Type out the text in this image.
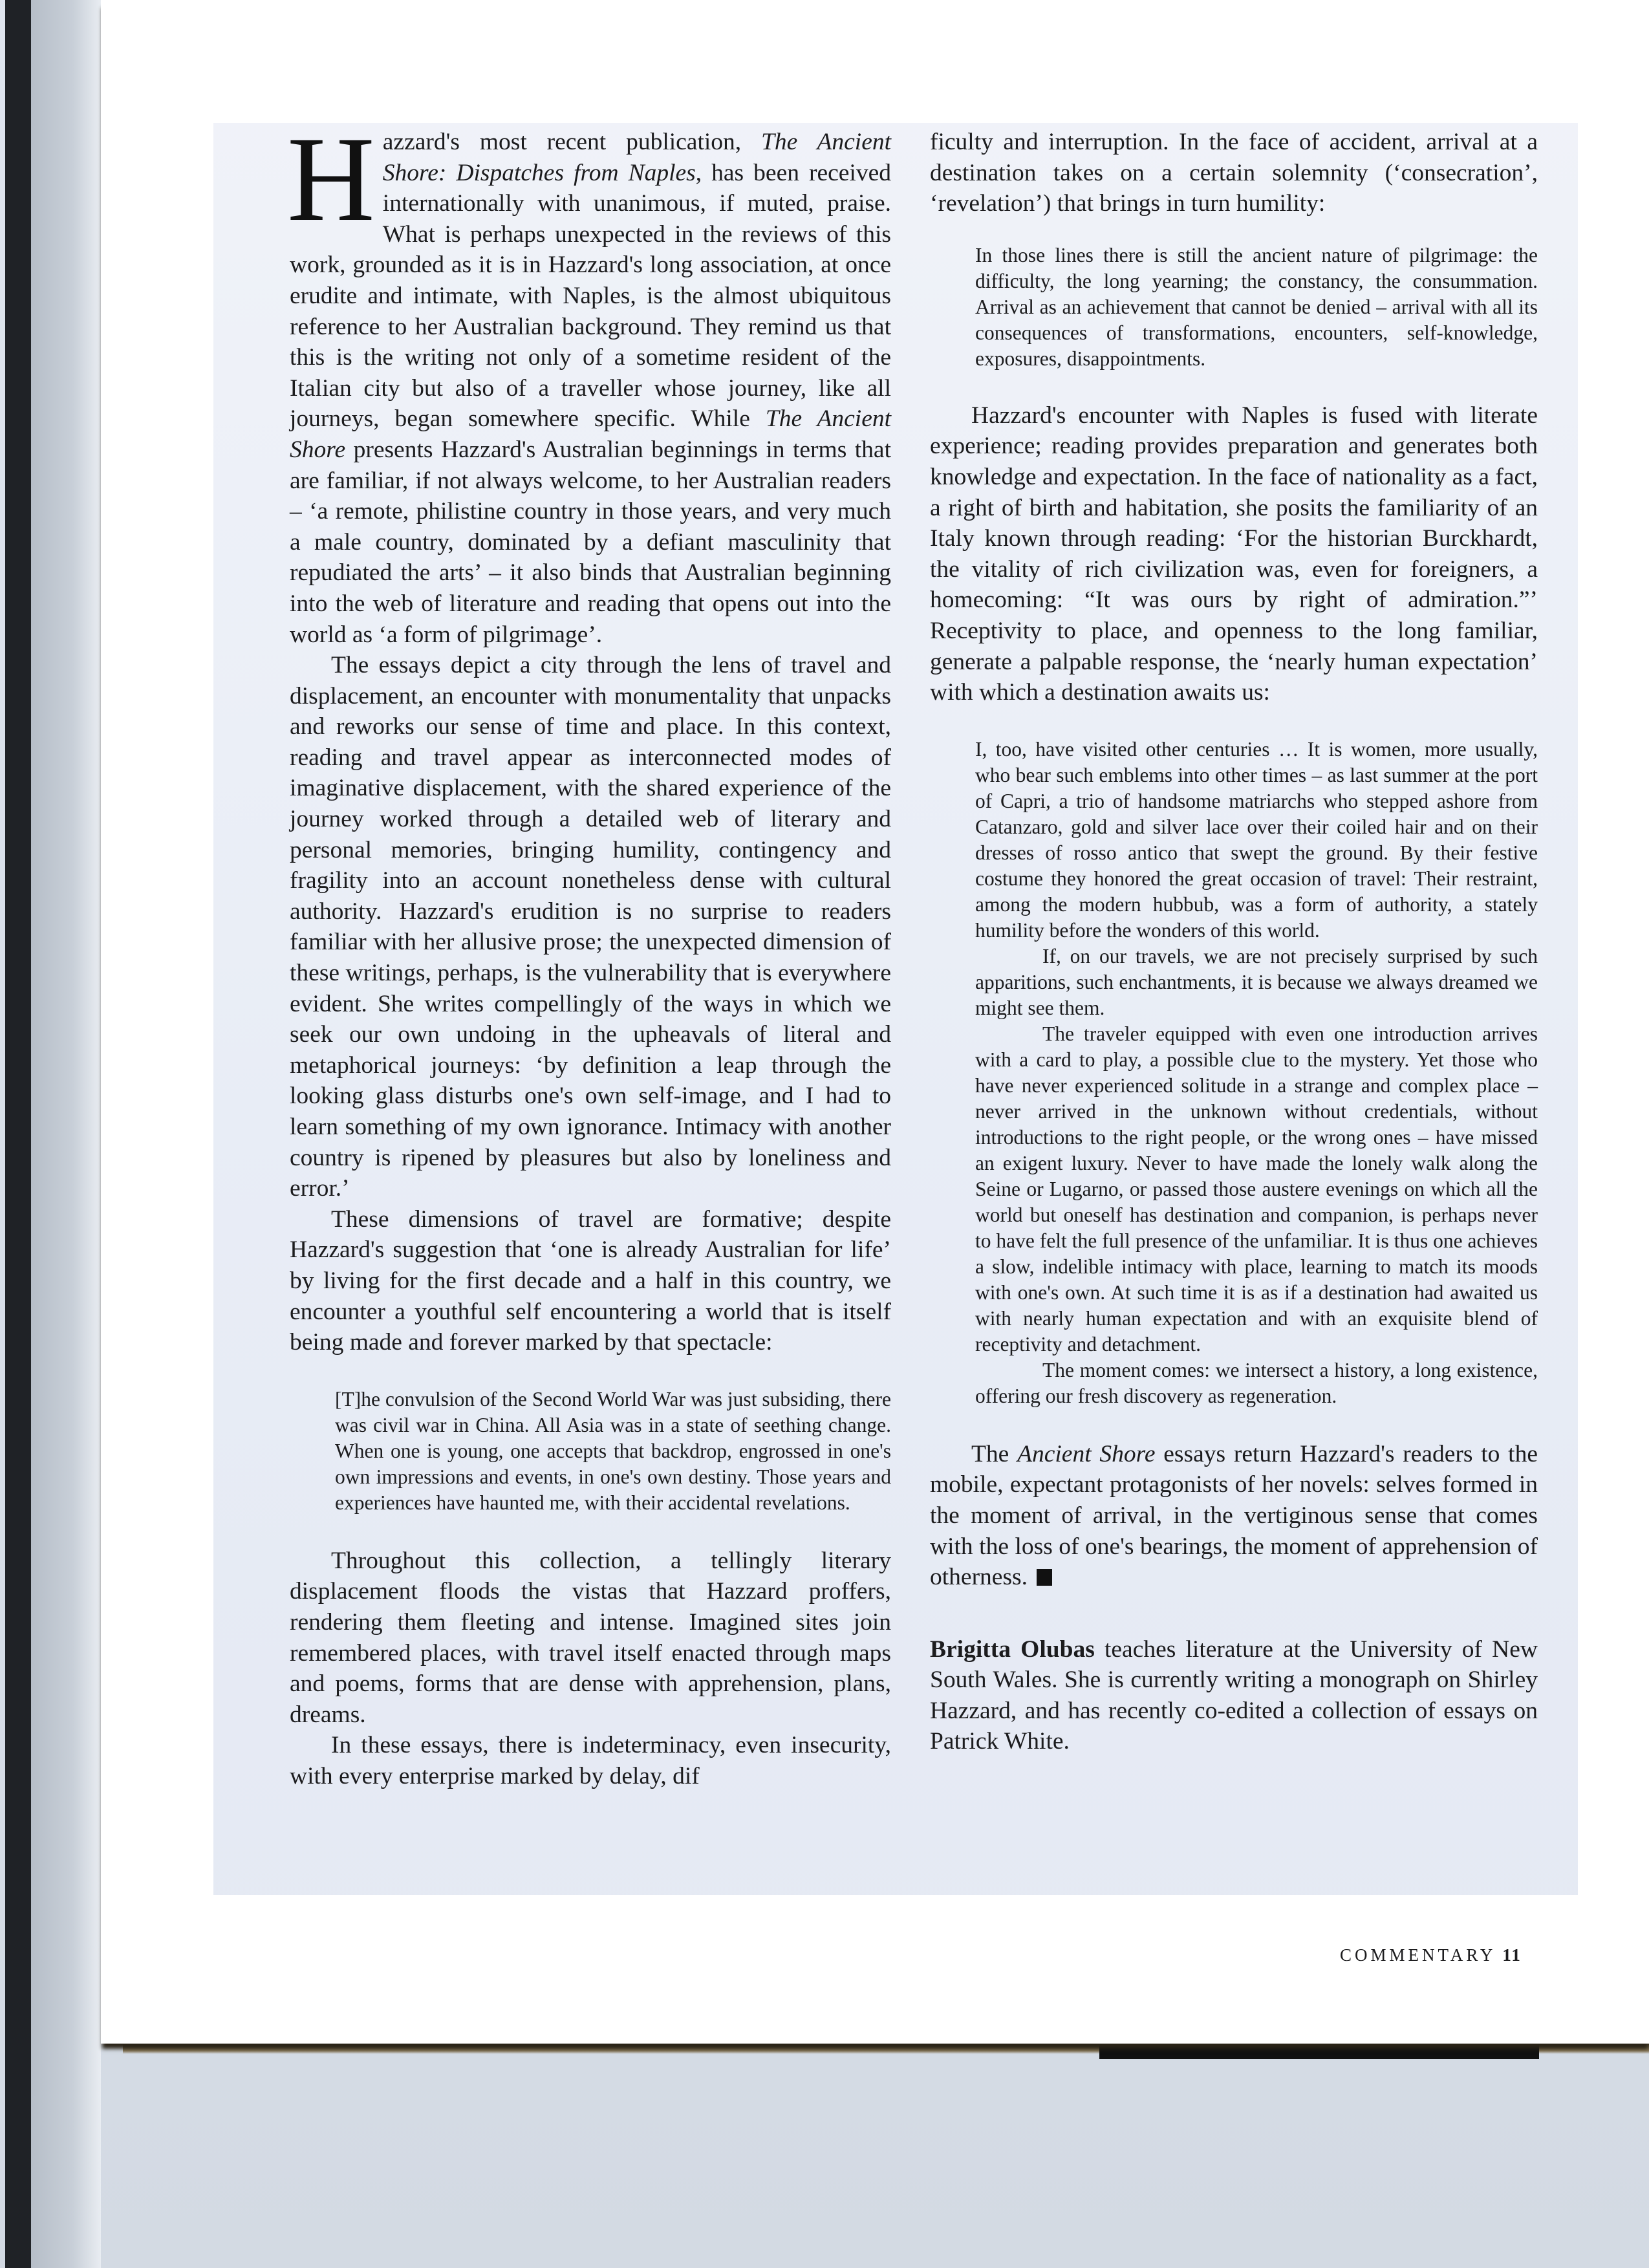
Hazzard's most recent publication, The Ancient Shore: Dispatches from Naples, has been received internationally with unanimous, if muted, praise. What is perhaps unexpected in the reviews of this work, grounded as it is in Hazzard's long association, at once erudite and intimate, with Naples, is the almost ubiquitous reference to her Australian background. They remind us that this is the writing not only of a sometime resident of the Italian city but also of a traveller whose journey, like all journeys, began somewhere specific. While The Ancient Shore presents Hazzard's Australian beginnings in terms that are familiar, if not always welcome, to her Australian readers – ‘a remote, philistine country in those years, and very much a male country, dominated by a defiant masculinity that repudiated the arts’ – it also binds that Australian beginning into the web of literature and reading that opens out into the world as ‘a form of pilgrimage’.

The essays depict a city through the lens of travel and displacement, an encounter with monumentality that unpacks and reworks our sense of time and place. In this context, reading and travel appear as interconnected modes of imaginative displacement, with the shared experience of the journey worked through a detailed web of literary and personal memories, bringing humility, contingency and fragility into an account nonetheless dense with cultural authority. Hazzard's erudition is no surprise to readers familiar with her allusive prose; the unexpected dimension of these writings, perhaps, is the vulnerability that is everywhere evident. She writes compellingly of the ways in which we seek our own undoing in the upheavals of literal and metaphorical journeys: ‘by definition a leap through the looking glass disturbs one's own self-image, and I had to learn something of my own ignorance. Intimacy with another country is ripened by pleasures but also by loneliness and error.’

These dimensions of travel are formative; despite Hazzard's suggestion that ‘one is already Australian for life’ by living for the first decade and a half in this country, we encounter a youthful self encountering a world that is itself being made and forever marked by that spectacle:

[T]he convulsion of the Second World War was just subsiding, there was civil war in China. All Asia was in a state of seething change. When one is young, one accepts that backdrop, engrossed in one's own impressions and events, in one's own destiny. Those years and experiences have haunted me, with their accidental revelations.

Throughout this collection, a tellingly literary displacement floods the vistas that Hazzard proffers, rendering them fleeting and intense. Imagined sites join remembered places, with travel itself enacted through maps and poems, forms that are dense with apprehension, plans, dreams.

In these essays, there is indeterminacy, even insecurity, with every enterprise marked by delay, dif

ficulty and interruption. In the face of accident, arrival at a destination takes on a certain solemnity (‘consecration’, ‘revelation’) that brings in turn humility:

In those lines there is still the ancient nature of pilgrimage: the difficulty, the long yearning; the constancy, the consummation. Arrival as an achievement that cannot be denied – arrival with all its consequences of transformations, encounters, self-knowledge, exposures, disappointments.

Hazzard's encounter with Naples is fused with literate experience; reading provides preparation and generates both knowledge and expectation. In the face of nationality as a fact, a right of birth and habitation, she posits the familiarity of an Italy known through reading: ‘For the historian Burckhardt, the vitality of rich civilization was, even for foreigners, a homecoming: “It was ours by right of admiration.”’ Receptivity to place, and openness to the long familiar, generate a palpable response, the ‘nearly human expectation’ with which a destination awaits us:

I, too, have visited other centuries … It is women, more usually, who bear such emblems into other times – as last summer at the port of Capri, a trio of handsome matriarchs who stepped ashore from Catanzaro, gold and silver lace over their coiled hair and on their dresses of rosso antico that swept the ground. By their festive costume they honored the great occasion of travel: Their restraint, among the modern hubbub, was a form of authority, a stately humility before the wonders of this world.

If, on our travels, we are not precisely surprised by such apparitions, such enchantments, it is because we always dreamed we might see them.

The traveler equipped with even one introduction arrives with a card to play, a possible clue to the mystery. Yet those who have never experienced solitude in a strange and complex place – never arrived in the unknown without credentials, without introductions to the right people, or the wrong ones – have missed an exigent luxury. Never to have made the lonely walk along the Seine or Lugarno, or passed those austere evenings on which all the world but oneself has destination and companion, is perhaps never to have felt the full presence of the unfamiliar. It is thus one achieves a slow, indelible intimacy with place, learning to match its moods with one's own. At such time it is as if a destination had awaited us with nearly human expectation and with an exquisite blend of receptivity and detachment.

The moment comes: we intersect a history, a long existence, offering our fresh discovery as regeneration.

The Ancient Shore essays return Hazzard's readers to the mobile, expectant protagonists of her novels: selves formed in the moment of arrival, in the vertiginous sense that comes with the loss of one's bearings, the moment of apprehension of otherness.

Brigitta Olubas teaches literature at the University of New South Wales. She is currently writing a monograph on Shirley Hazzard, and has recently co-edited a collection of essays on Patrick White.

COMMENTARY 11
